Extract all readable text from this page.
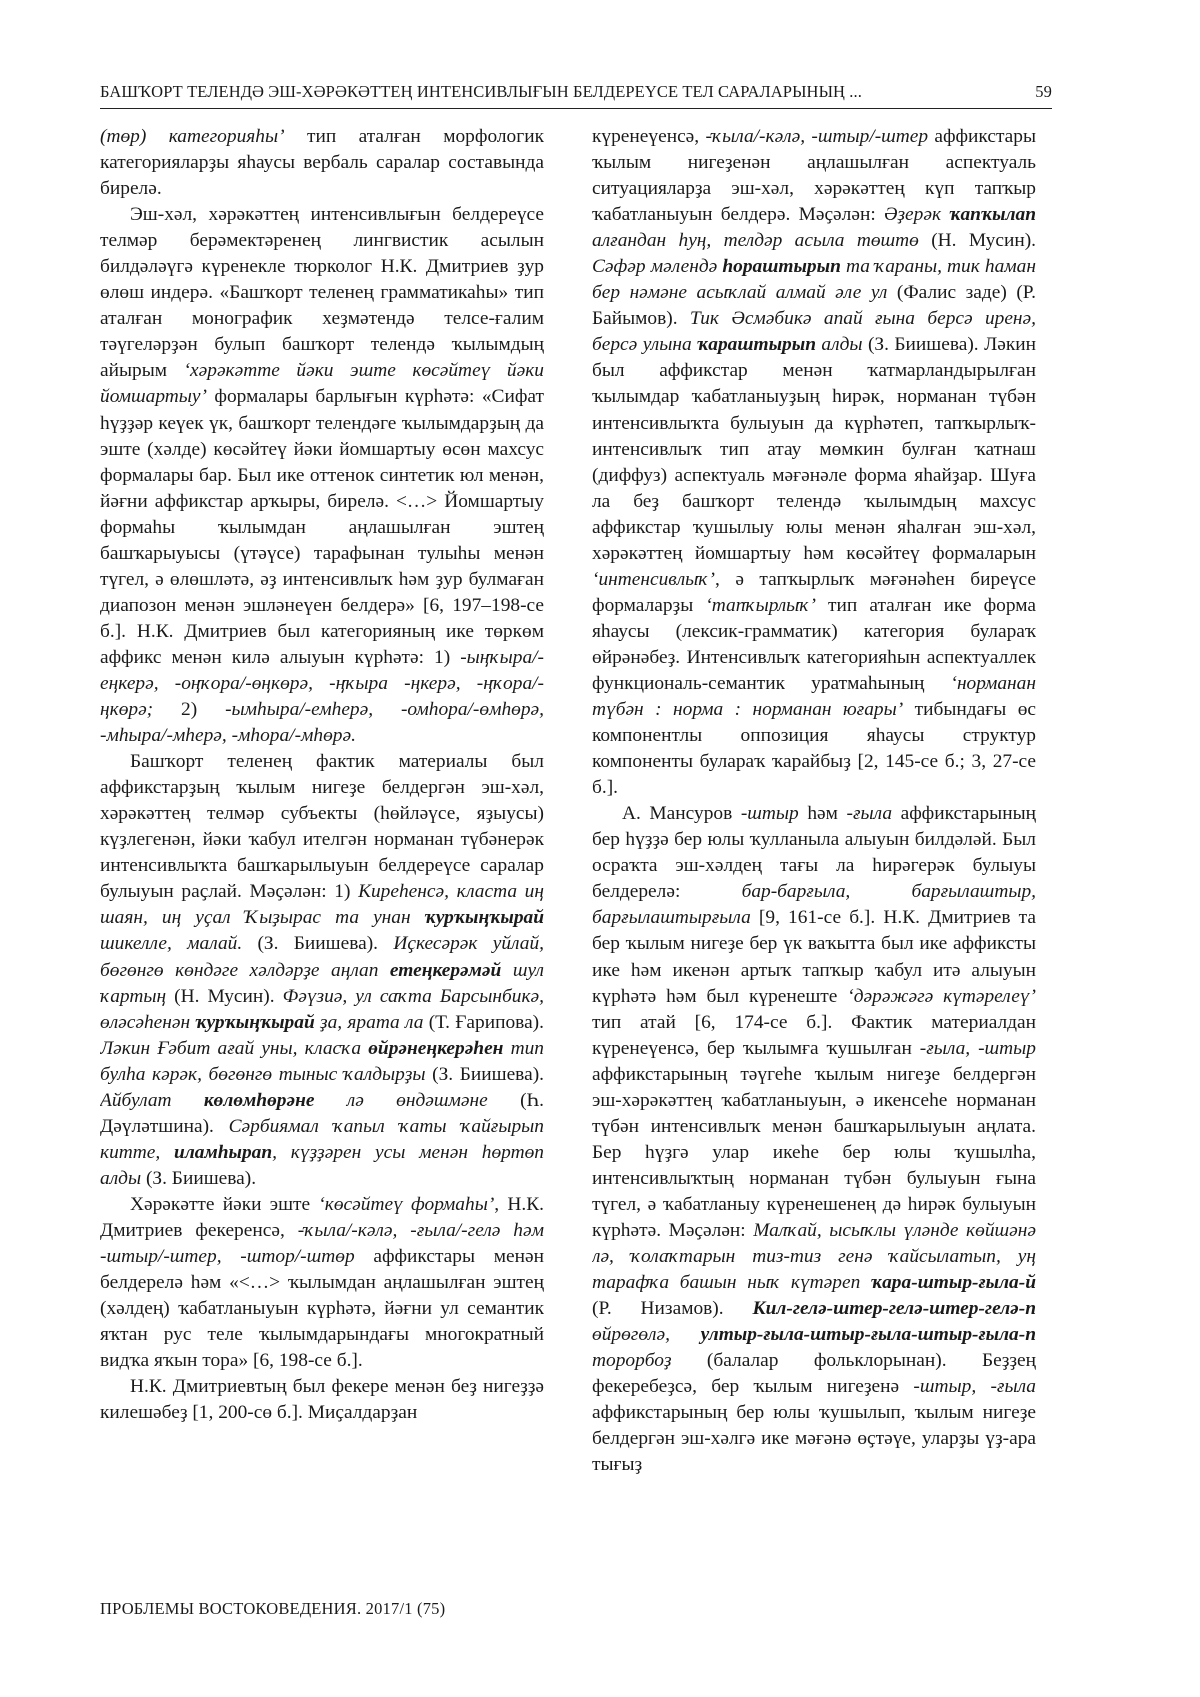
БАШҠОРТ ТЕЛЕНДӘ ЭШ-ХӘРӘКӘТТЕҢ ИНТЕНСИВЛЫҒЫН БЕЛДЕРЕҮСЕ ТЕЛ САРАЛАРЫНЫҢ ...	59

(төр) категорияһы’ тип аталған морфологик категорияларҙы яһаусы вербаль саралар составында бирелә.

Эш-хәл, хәрәкәттең интенсивлығын белдереүсе телмәр берәмектәренең лингвистик асылын билдәләүгә күренекле тюрколог Н.К. Дмитриев ҙур өлөш индерә. «Башҡорт теленең грамматикаһы» тип аталған монографик хеҙмәтендә телсе-ғалим тәүгеләрҙән булып башҡорт телендә ҡылымдың айырым ‘хәрәкәтте йәки эште көсәйтеү йәки йомшартыу’ формалары барлығын күрһәтә: «Сифат һүҙҙәр кеүек үк, башҡорт телендәге ҡылымдарҙың да эште (хәлде) көсәйтеү йәки йомшартыу өсөн махсус формалары бар. Был ике оттенок синтетик юл менән, йәғни аффикстар арҡыры, бирелә. <…> Йомшартыу формаһы ҡылымдан аңлашылған эштең башҡарыуысы (үтәүсе) тарафынан тулыһы менән түгел, ә өлөшләтә, әҙ интенсивлыҡ һәм ҙур булмаған диапозон менән эшләнеүен белдерә» [6, 197–198-се б.]. Н.К. Дмитриев был категорияның ике төркөм аффикс менән килә алыуын күрһәтә: 1) -ыңҡыра/-еңкерә, -оңҡора/-өңкөрә, -ңҡыра -ңкерә, -ңҡора/-ңкөрә; 2) -ымһыра/-емһерә, -омһора/-өмһөрә, -мһыра/-мһерә, -мһора/-мһөрә.

Башҡорт теленең фактик материалы был аффикстарҙың ҡылым нигеҙе белдергән эш-хәл, хәрәкәттең телмәр субъекты (һөйләүсе, яҙыусы) күҙлегенән, йәки ҡабул ителгән норманан түбәнерәк интенсивлыҡта башҡарылыуын белдереүсе саралар булыуын раҫлай. Мәҫәлән: 1) Киреһенсә, класта иң шаян, иң уҫал Ҡыҙырас та унан ҡурҡыңҡырай шикелле, малай. (З. Биишева). Иҫкесәрәк уйлай, бөгөнгө көндәге хәлдәрҙе аңлап етеңкерәмәй шул ҡартың (Н. Мусин). Фәүзиә, ул саҡта Барсынбикә, өләсәһенән ҡурҡыңҡырай ҙа, ярата ла (Т. Ғарипова). Ләкин Ғәбит ағай уны, класҡа өйрәнеңкерәһен тип булһа кәрәк, бөгөнгө тыныс ҡалдырҙы (З. Биишева). Айбулат көлөмһөрәне лә өндәшмәне (Һ. Дәүләтшина). Сәрбиямал ҡапыл ҡаты ҡайғырып китте, иламһырап, күҙҙәрен усы менән һөртөп алды (З. Биишева).

Хәрәкәтте йәки эште ‘көсәйтеү формаһы’, Н.К. Дмитриев фекеренсә, -ҡыла/-кәлә, -ғыла/-гелә һәм -штыр/-штер, -штор/-штөр аффикстары менән белдерелә һәм «<…> ҡылымдан аңлашылған эштең (хәлдең) ҡабатланыуын күрһәтә, йәғни ул семантик яҡтан рус теле ҡылымдарындағы многократный видҡа яҡын тора» [6, 198-се б.].

Н.К. Дмитриевтың был фекере менән беҙ нигеҙҙә килешәбеҙ [1, 200-сө б.]. Миҫалдарҙан

күренеүенсә, -ҡыла/-кәлә, -штыр/-штер аффикстары ҡылым нигеҙенән аңлашылған аспектуаль ситуацияларҙа эш-хәл, хәрәкәттең күп тапҡыр ҡабатланыуын белдерә. Мәҫәлән: Әҙерәк ҡапҡылап алғандан һуң, телдәр асыла төштө (Н. Мусин). Сәфәр мәлендә һораштырып та ҡараны, тик һаман бер нәмәне асыҡлай алмай әле ул (Фалис заде) (Р. Байымов). Тик Әсмәбикә апай ғына берсә иренә, берсә улына ҡараштырып алды (З. Биишева). Ләкин был аффикстар менән ҡатмарландырылған ҡылымдар ҡабатланыуҙың һирәк, норманан түбән интенсивлыҡта булыуын да күрһәтеп, тапҡырлыҡ-интенсивлыҡ тип атау мөмкин булған ҡатнаш (диффуз) аспектуаль мәғәнәле форма яһайҙар. Шуға ла беҙ башҡорт телендә ҡылымдың махсус аффикстар ҡушылыу юлы менән яһалған эш-хәл, хәрәкәттең йомшартыу һәм көсәйтеү формаларын ‘интенсивлыҡ’, ә тапҡырлыҡ мәғәнәһен биреүсе формаларҙы ‘тапҡырлыҡ’ тип аталған ике форма яһаусы (лексик-грамматик) категория булараҡ өйрәнәбеҙ. Интенсивлыҡ категорияһын аспектуаллек функциональ-семантик уратмаһының ‘норманан түбән : норма : норманан юғары’ тибындағы өс компонентлы оппозиция яһаусы структур компоненты булараҡ ҡарайбыҙ [2, 145-се б.; 3, 27-се б.].

А. Мансуров -штыр һәм -ғыла аффикстарының бер һүҙҙә бер юлы ҡулланыла алыуын билдәләй. Был осраҡта эш-хәлдең тағы ла һирәгерәк булыуы белдерелә: бар-барғыла, барғылаштыр, барғылаштырғыла [9, 161-се б.]. Н.К. Дмитриев та бер ҡылым нигеҙе бер үк ваҡытта был ике аффиксты ике һәм икенән артыҡ тапҡыр ҡабул итә алыуын күрһәтә һәм был күренеште ‘дәрәжәгә күтәрелеү’ тип атай [6, 174-се б.]. Фактик материалдан күренеүенсә, бер ҡылымға ҡушылған -ғыла, -штыр аффикстарының тәүгеһе ҡылым нигеҙе белдергән эш-хәрәкәттең ҡабатланыуын, ә икенсеһе норманан түбән интенсивлыҡ менән башҡарылыуын аңлата. Бер һүҙгә улар икеһе бер юлы ҡушылһа, интенсивлыҡтың норманан түбән булыуын ғына түгел, ә ҡабатланыу күренешенең дә һирәк булыуын күрһәтә. Мәҫәлән: Малҡай, ысыҡлы үләнде көйшәнә лә, ҡолаҡтарын тиз-тиз генә ҡайсылатып, уң тарафҡа башын ныҡ күтәреп ҡара-штыр-ғыла-й (Р. Низамов). Кил-гелә-штер-гелә-штер-гелә-п өйрөгөлә, ултыр-ғыла-штыр-ғыла-штыр-ғыла-п торорбоҙ (балалар фольклорынан). Беҙҙең фекеребеҙсә, бер ҡылым нигеҙенә -штыр, -ғыла аффикстарының бер юлы ҡушылып, ҡылым нигеҙе белдергән эш-хәлгә ике мәғәнә өҫтәүе, уларҙы үҙ-ара тығыҙ

ПРОБЛЕМЫ ВОСТОКОВЕДЕНИЯ. 2017/1 (75)
